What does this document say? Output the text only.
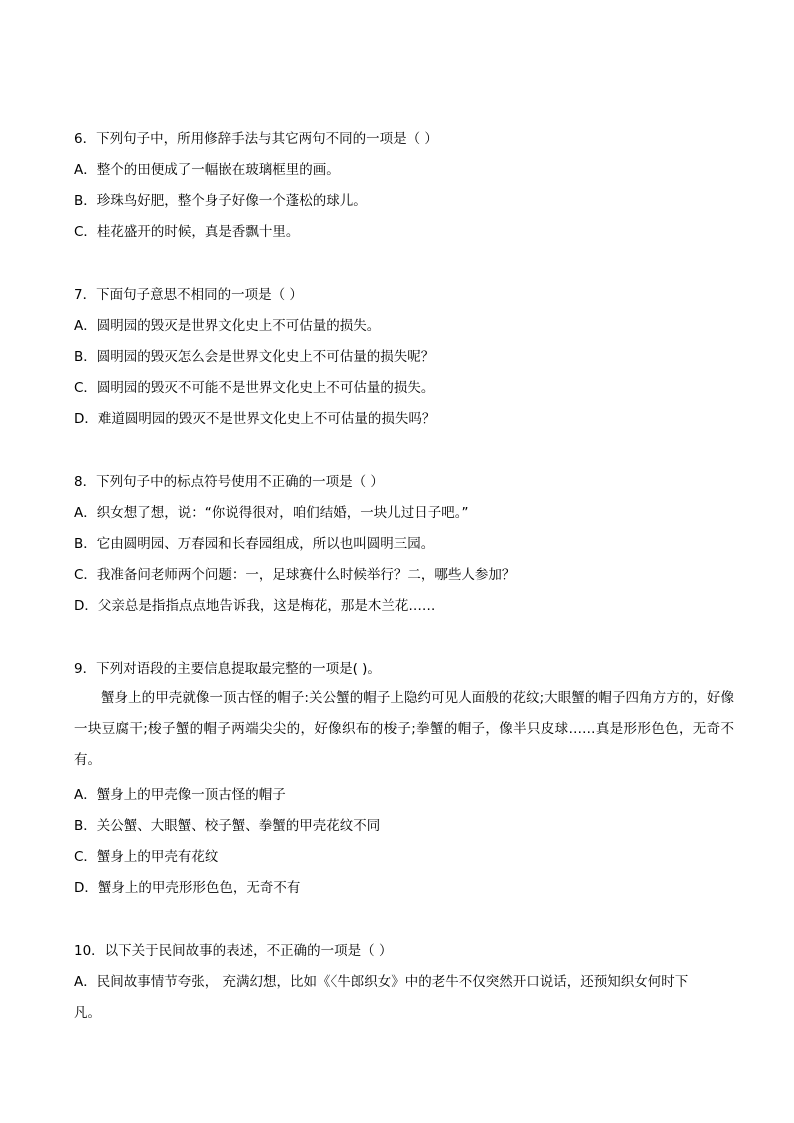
6．下列句子中，所用修辞手法与其它两句不同的一项是（ ）
A．整个的田便成了一幅嵌在玻璃框里的画。
B．珍珠鸟好肥，整个身子好像一个蓬松的球儿。
C．桂花盛开的时候，真是香飘十里。
7．下面句子意思不相同的一项是（ ）
A．圆明园的毁灭是世界文化史上不可估量的损失。
B．圆明园的毁灭怎么会是世界文化史上不可估量的损失呢？
C．圆明园的毁灭不可能不是世界文化史上不可估量的损失。
D．难道圆明园的毁灭不是世界文化史上不可估量的损失吗？
8．下列句子中的标点符号使用不正确的一项是（ ）
A．织女想了想，说：“你说得很对，咱们结婚，一块儿过日子吧。”
B．它由圆明园、万春园和长春园组成，所以也叫圆明三园。
C．我准备问老师两个问题：一，足球赛什么时候举行？二，哪些人参加？
D．父亲总是指指点点地告诉我，这是梅花，那是木兰花……
9．下列对语段的主要信息提取最完整的一项是( )。
蟹身上的甲壳就像一顶古怪的帽子:关公蟹的帽子上隐约可见人面般的花纹;大眼蟹的帽子四角方方的，好像一块豆腐干;梭子蟹的帽子两端尖尖的，好像织布的梭子;拳蟹的帽子，像半只皮球……真是形形色色，无奇不有。
A．蟹身上的甲壳像一顶古怪的帽子
B．关公蟹、大眼蟹、校子蟹、拳蟹的甲壳花纹不同
C．蟹身上的甲壳有花纹
D．蟹身上的甲壳形形色色，无奇不有
10．以下关于民间故事的表述，不正确的一项是（ ）
A．民间故事情节夸张， 充满幻想，比如《〈牛郎织女》中的老牛不仅突然开口说话，还预知织女何时下
凡。
